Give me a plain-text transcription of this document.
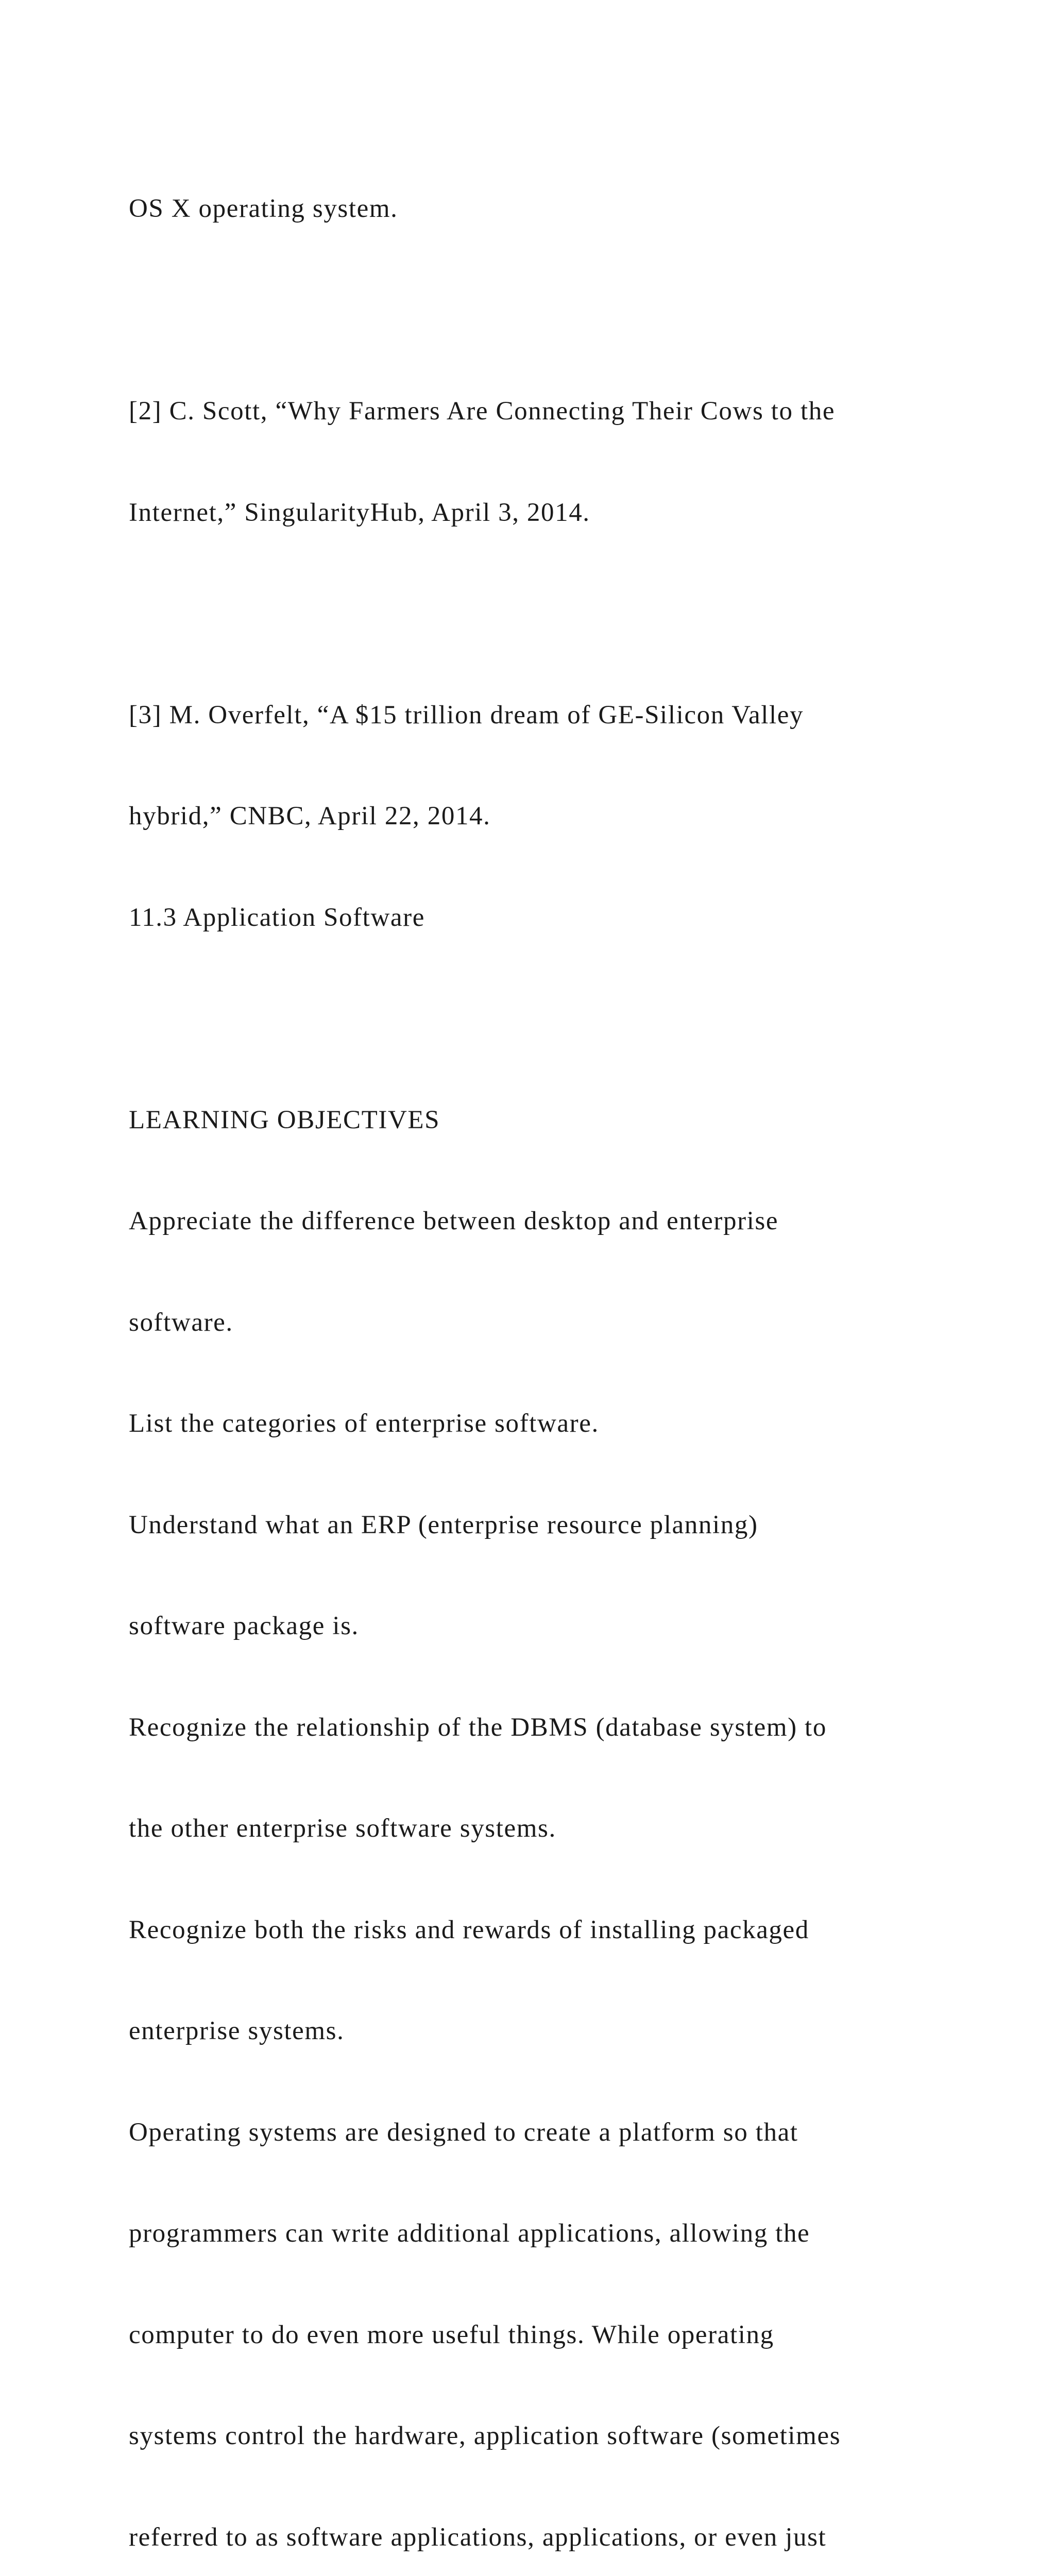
OS X operating system.

[2] C. Scott, “Why Farmers Are Connecting Their Cows to the

Internet,” SingularityHub, April 3, 2014.

[3] M. Overfelt, “A $15 trillion dream of GE-Silicon Valley

hybrid,” CNBC, April 22, 2014.

11.3 Application Software

LEARNING OBJECTIVES

Appreciate the difference between desktop and enterprise

software.

List the categories of enterprise software.

Understand what an ERP (enterprise resource planning)

software package is.

Recognize the relationship of the DBMS (database system) to

the other enterprise software systems.

Recognize both the risks and rewards of installing packaged

enterprise systems.

Operating systems are designed to create a platform so that

programmers can write additional applications, allowing the

computer to do even more useful things. While operating

systems control the hardware, application software (sometimes

referred to as software applications, applications, or even just
